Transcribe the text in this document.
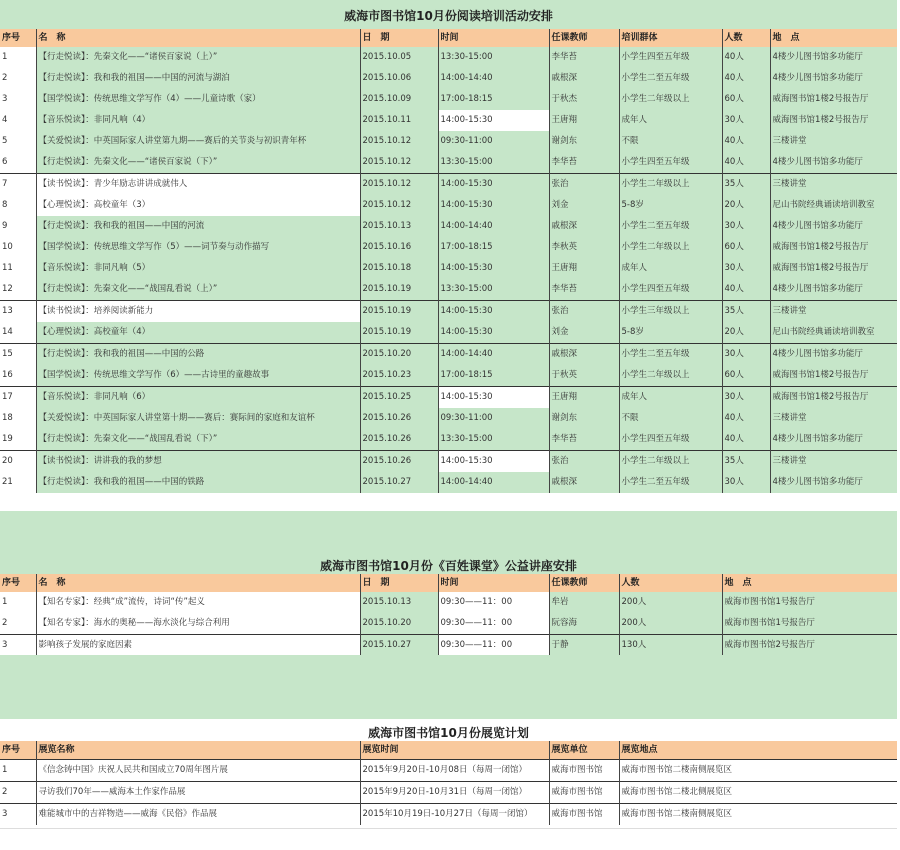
威海市图书馆10月份阅读培训活动安排
序号	名　称	日　期	时间	任课教师	培训群体	人数	地　点
1	【行走悦读】：先秦文化——“诸侯百家说（上）”	2015.10.05	13:30-15:00	李华苔	小学生四至五年级	40人	4楼少儿图书馆多功能厅
2	【行走悦读】：我和我的祖国——中国的河流与湖泊	2015.10.06	14:00-14:40	戚根深	小学生二至五年级	40人	4楼少儿图书馆多功能厅
3	【国学悦读】：传统思维文学写作（4）——儿童诗歌（家）	2015.10.09	17:00-18:15	于秋杰	小学生二年级以上	60人	威海图书馆1楼2号报告厅
4	【音乐悦读】：非同凡响（4）	2015.10.11	14:00-15:30	王唐翔	成年人	30人	威海图书馆1楼2号报告厅
5	【关爱悦读】：中英国际家人讲堂第九期——赛后的关节炎与初识青年杯	2015.10.12	09:30-11:00	谢剑东	不限	40人	三楼讲堂
6	【行走悦读】：先秦文化——“诸侯百家说（下）”	2015.10.12	13:30-15:00	李华苔	小学生四至五年级	40人	4楼少儿图书馆多功能厅
7	【读书悦读】：青少年励志讲讲成就伟人	2015.10.12	14:00-15:30	张治	小学生二年级以上	35人	三楼讲堂
8	【心理悦读】：高校童年（3）	2015.10.12	14:00-15:30	刘金	5-8岁	20人	尼山书院经典诵读培训教室
9	【行走悦读】：我和我的祖国——中国的河流	2015.10.13	14:00-14:40	戚根深	小学生二至五年级	30人	4楼少儿图书馆多功能厅
10	【国学悦读】：传统思维文学写作（5）——词节奏与动作描写	2015.10.16	17:00-18:15	李秋英	小学生二年级以上	60人	威海图书馆1楼2号报告厅
11	【音乐悦读】：非同凡响（5）	2015.10.18	14:00-15:30	王唐翔	成年人	30人	威海图书馆1楼2号报告厅
12	【行走悦读】：先秦文化——“战国乱看说（上）”	2015.10.19	13:30-15:00	李华苔	小学生四至五年级	40人	4楼少儿图书馆多功能厅
13	【读书悦读】：培养阅读新能力	2015.10.19	14:00-15:30	张治	小学生三年级以上	35人	三楼讲堂
14	【心理悦读】：高校童年（4）	2015.10.19	14:00-15:30	刘金	5-8岁	20人	尼山书院经典诵读培训教室
15	【行走悦读】：我和我的祖国——中国的公路	2015.10.20	14:00-14:40	戚根深	小学生二至五年级	30人	4楼少儿图书馆多功能厅
16	【国学悦读】：传统思维文学写作（6）——古诗里的童趣故事	2015.10.23	17:00-18:15	于秋英	小学生二年级以上	60人	威海图书馆1楼2号报告厅
17	【音乐悦读】：非同凡响（6）	2015.10.25	14:00-15:30	王唐翔	成年人	30人	威海图书馆1楼2号报告厅
18	【关爱悦读】：中英国际家人讲堂第十期——赛后：赛际间的家庭和友谊杯	2015.10.26	09:30-11:00	谢剑东	不限	40人	三楼讲堂
19	【行走悦读】：先秦文化——“战国乱看说（下）”	2015.10.26	13:30-15:00	李华苔	小学生四至五年级	40人	4楼少儿图书馆多功能厅
20	【读书悦读】：讲讲我的我的梦想	2015.10.26	14:00-15:30	张治	小学生二年级以上	35人	三楼讲堂
21	【行走悦读】：我和我的祖国——中国的铁路	2015.10.27	14:00-14:40	戚根深	小学生二至五年级	30人	4楼少儿图书馆多功能厅
威海市图书馆10月份《百姓课堂》公益讲座安排
序号	名　称	日　期	时间	任课教师	人数	地　点
1	【知名专家】：经典“成”流传，诗词“传”起义	2015.10.13	09:30——11：00	牟岩	200人	威海市图书馆1号报告厅
2	【知名专家】：海水的奥秘——海水淡化与综合利用	2015.10.20	09:30——11：00	阮容海	200人	威海市图书馆1号报告厅
3	影响孩子发展的家庭因素	2015.10.27	09:30——11：00	于静	130人	威海市图书馆2号报告厅
威海市图书馆10月份展览计划
序号	展览名称	展览时间	展览单位	展览地点
1	《信念铸中国》庆祝人民共和国成立70周年图片展	2015年9月20日-10月08日（每周一闭馆）	威海市图书馆	威海市图书馆二楼南侧展览区
2	寻访我们70年——威海本土作家作品展	2015年9月20日-10月31日（每周一闭馆）	威海市图书馆	威海市图书馆二楼北侧展览区
3	难能城市中的吉祥物造——威海《民俗》作品展	2015年10月19日-10月27日（每周一闭馆）	威海市图书馆	威海市图书馆二楼南侧展览区
